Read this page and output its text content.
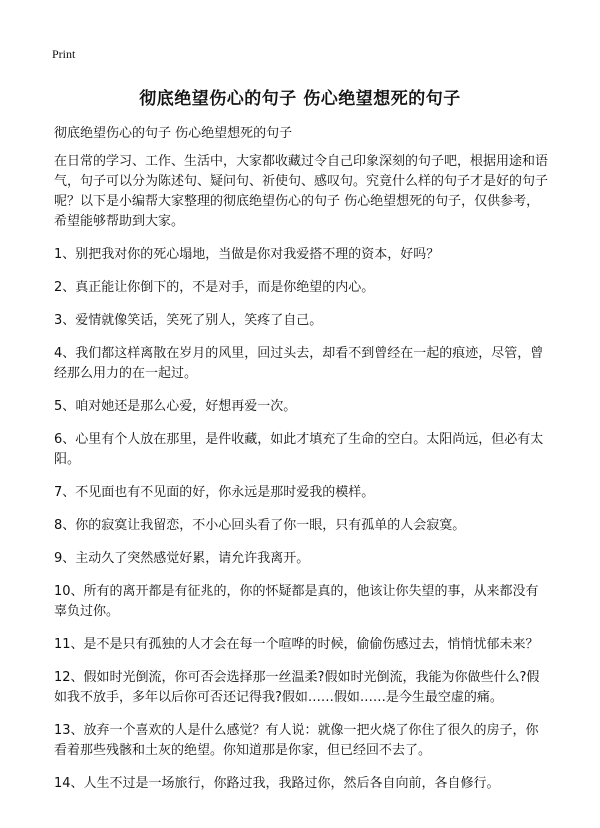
Print
彻底绝望伤心的句子 伤心绝望想死的句子

彻底绝望伤心的句子 伤心绝望想死的句子

在日常的学习、工作、生活中，大家都收藏过令自己印象深刻的句子吧，根据用途和语气，句子可以分为陈述句、疑问句、祈使句、感叹句。究竟什么样的句子才是好的句子呢？以下是小编帮大家整理的彻底绝望伤心的句子 伤心绝望想死的句子，仅供参考，希望能够帮助到大家。

1、别把我对你的死心塌地，当做是你对我爱搭不理的资本，好吗？

2、真正能让你倒下的，不是对手，而是你绝望的内心。

3、爱情就像笑话，笑死了别人，笑疼了自己。

4、我们都这样离散在岁月的风里，回过头去，却看不到曾经在一起的痕迹，尽管，曾经那么用力的在一起过。

5、咱对她还是那么心爱，好想再爱一次。

6、心里有个人放在那里，是件收藏，如此才填充了生命的空白。太阳尚远，但必有太阳。

7、不见面也有不见面的好，你永远是那时爱我的模样。

8、你的寂寞让我留恋，不小心回头看了你一眼，只有孤单的人会寂寞。

9、主动久了突然感觉好累，请允许我离开。

10、所有的离开都是有征兆的，你的怀疑都是真的，他该让你失望的事，从来都没有辜负过你。

11、是不是只有孤独的人才会在每一个喧哗的时候，偷偷伤感过去，悄悄忧郁未来？

12、假如时光倒流，你可否会选择那一丝温柔?假如时光倒流，我能为你做些什么?假如我不放手，多年以后你可否还记得我?假如……假如……是今生最空虚的痛。

13、放弃一个喜欢的人是什么感觉？有人说：就像一把火烧了你住了很久的房子，你看着那些残骸和土灰的绝望。你知道那是你家，但已经回不去了。

14、人生不过是一场旅行，你路过我，我路过你，然后各自向前，各自修行。
